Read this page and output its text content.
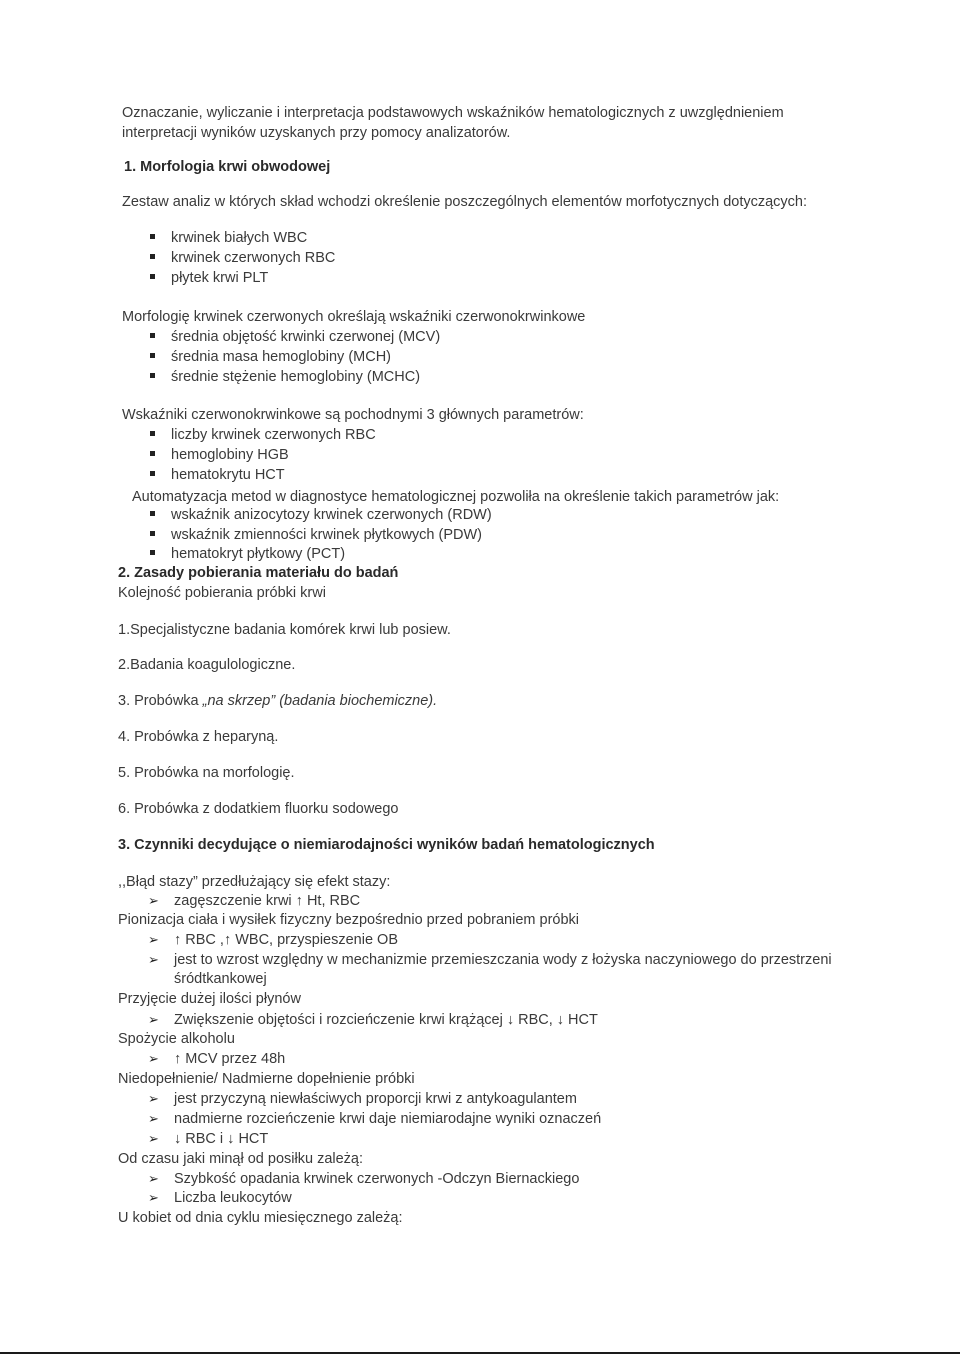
Oznaczanie, wyliczanie i interpretacja podstawowych wskaźników hematologicznych z uwzględnieniem
interpretacji wyników uzyskanych przy pomocy analizatorów.
1. Morfologia krwi obwodowej
Zestaw analiz w których skład wchodzi określenie poszczególnych elementów morfotycznych dotyczących:
krwinek białych WBC
krwinek czerwonych RBC
płytek krwi PLT
Morfologię krwinek czerwonych określają wskaźniki czerwonokrwinkowe
średnia objętość krwinki czerwonej (MCV)
średnia masa hemoglobiny (MCH)
średnie stężenie hemoglobiny (MCHC)
Wskaźniki czerwonokrwinkowe są pochodnymi 3 głównych parametrów:
liczby krwinek czerwonych RBC
hemoglobiny HGB
hematokrytu HCT
Automatyzacja metod w diagnostyce hematologicznej pozwoliła na określenie takich parametrów jak:
wskaźnik anizocytozy krwinek czerwonych (RDW)
wskaźnik zmienności krwinek płytkowych (PDW)
hematokryt płytkowy (PCT)
2. Zasady pobierania materiału do badań
Kolejność pobierania próbki krwi
1.Specjalistyczne badania komórek krwi lub posiew.
2.Badania koagulologiczne.
3. Probówka „na skrzep” (badania biochemiczne).
4. Probówka z heparyną.
5. Probówka na morfologię.
6. Probówka z dodatkiem fluorku sodowego
3. Czynniki decydujące o niemiarodajności wyników badań hematologicznych
,,Błąd stazy” przedłużający się efekt stazy:
➢ zagęszczenie krwi ↑ Ht, RBC
Pionizacja ciała i wysiłek fizyczny bezpośrednio przed pobraniem próbki
➢ ↑ RBC ,↑ WBC, przyspieszenie OB
➢ jest to wzrost względny w mechanizmie przemieszczania wody z łożyska naczyniowego do przestrzeni
śródtkankowej
Przyjęcie dużej ilości płynów
➢ Zwiększenie objętości i rozcieńczenie krwi krążącej ↓ RBC, ↓ HCT
Spożycie alkoholu
➢ ↑ MCV przez 48h
Niedopełnienie/ Nadmierne dopełnienie próbki
➢ jest przyczyną niewłaściwych proporcji krwi z antykoagulantem
➢ nadmierne rozcieńczenie krwi daje niemiarodajne wyniki oznaczeń
➢ ↓ RBC i ↓ HCT
Od czasu jaki minął od posiłku zależą:
➢ Szybkość opadania krwinek czerwonych -Odczyn Biernackiego
➢ Liczba leukocytów
U kobiet od dnia cyklu miesięcznego zależą:
